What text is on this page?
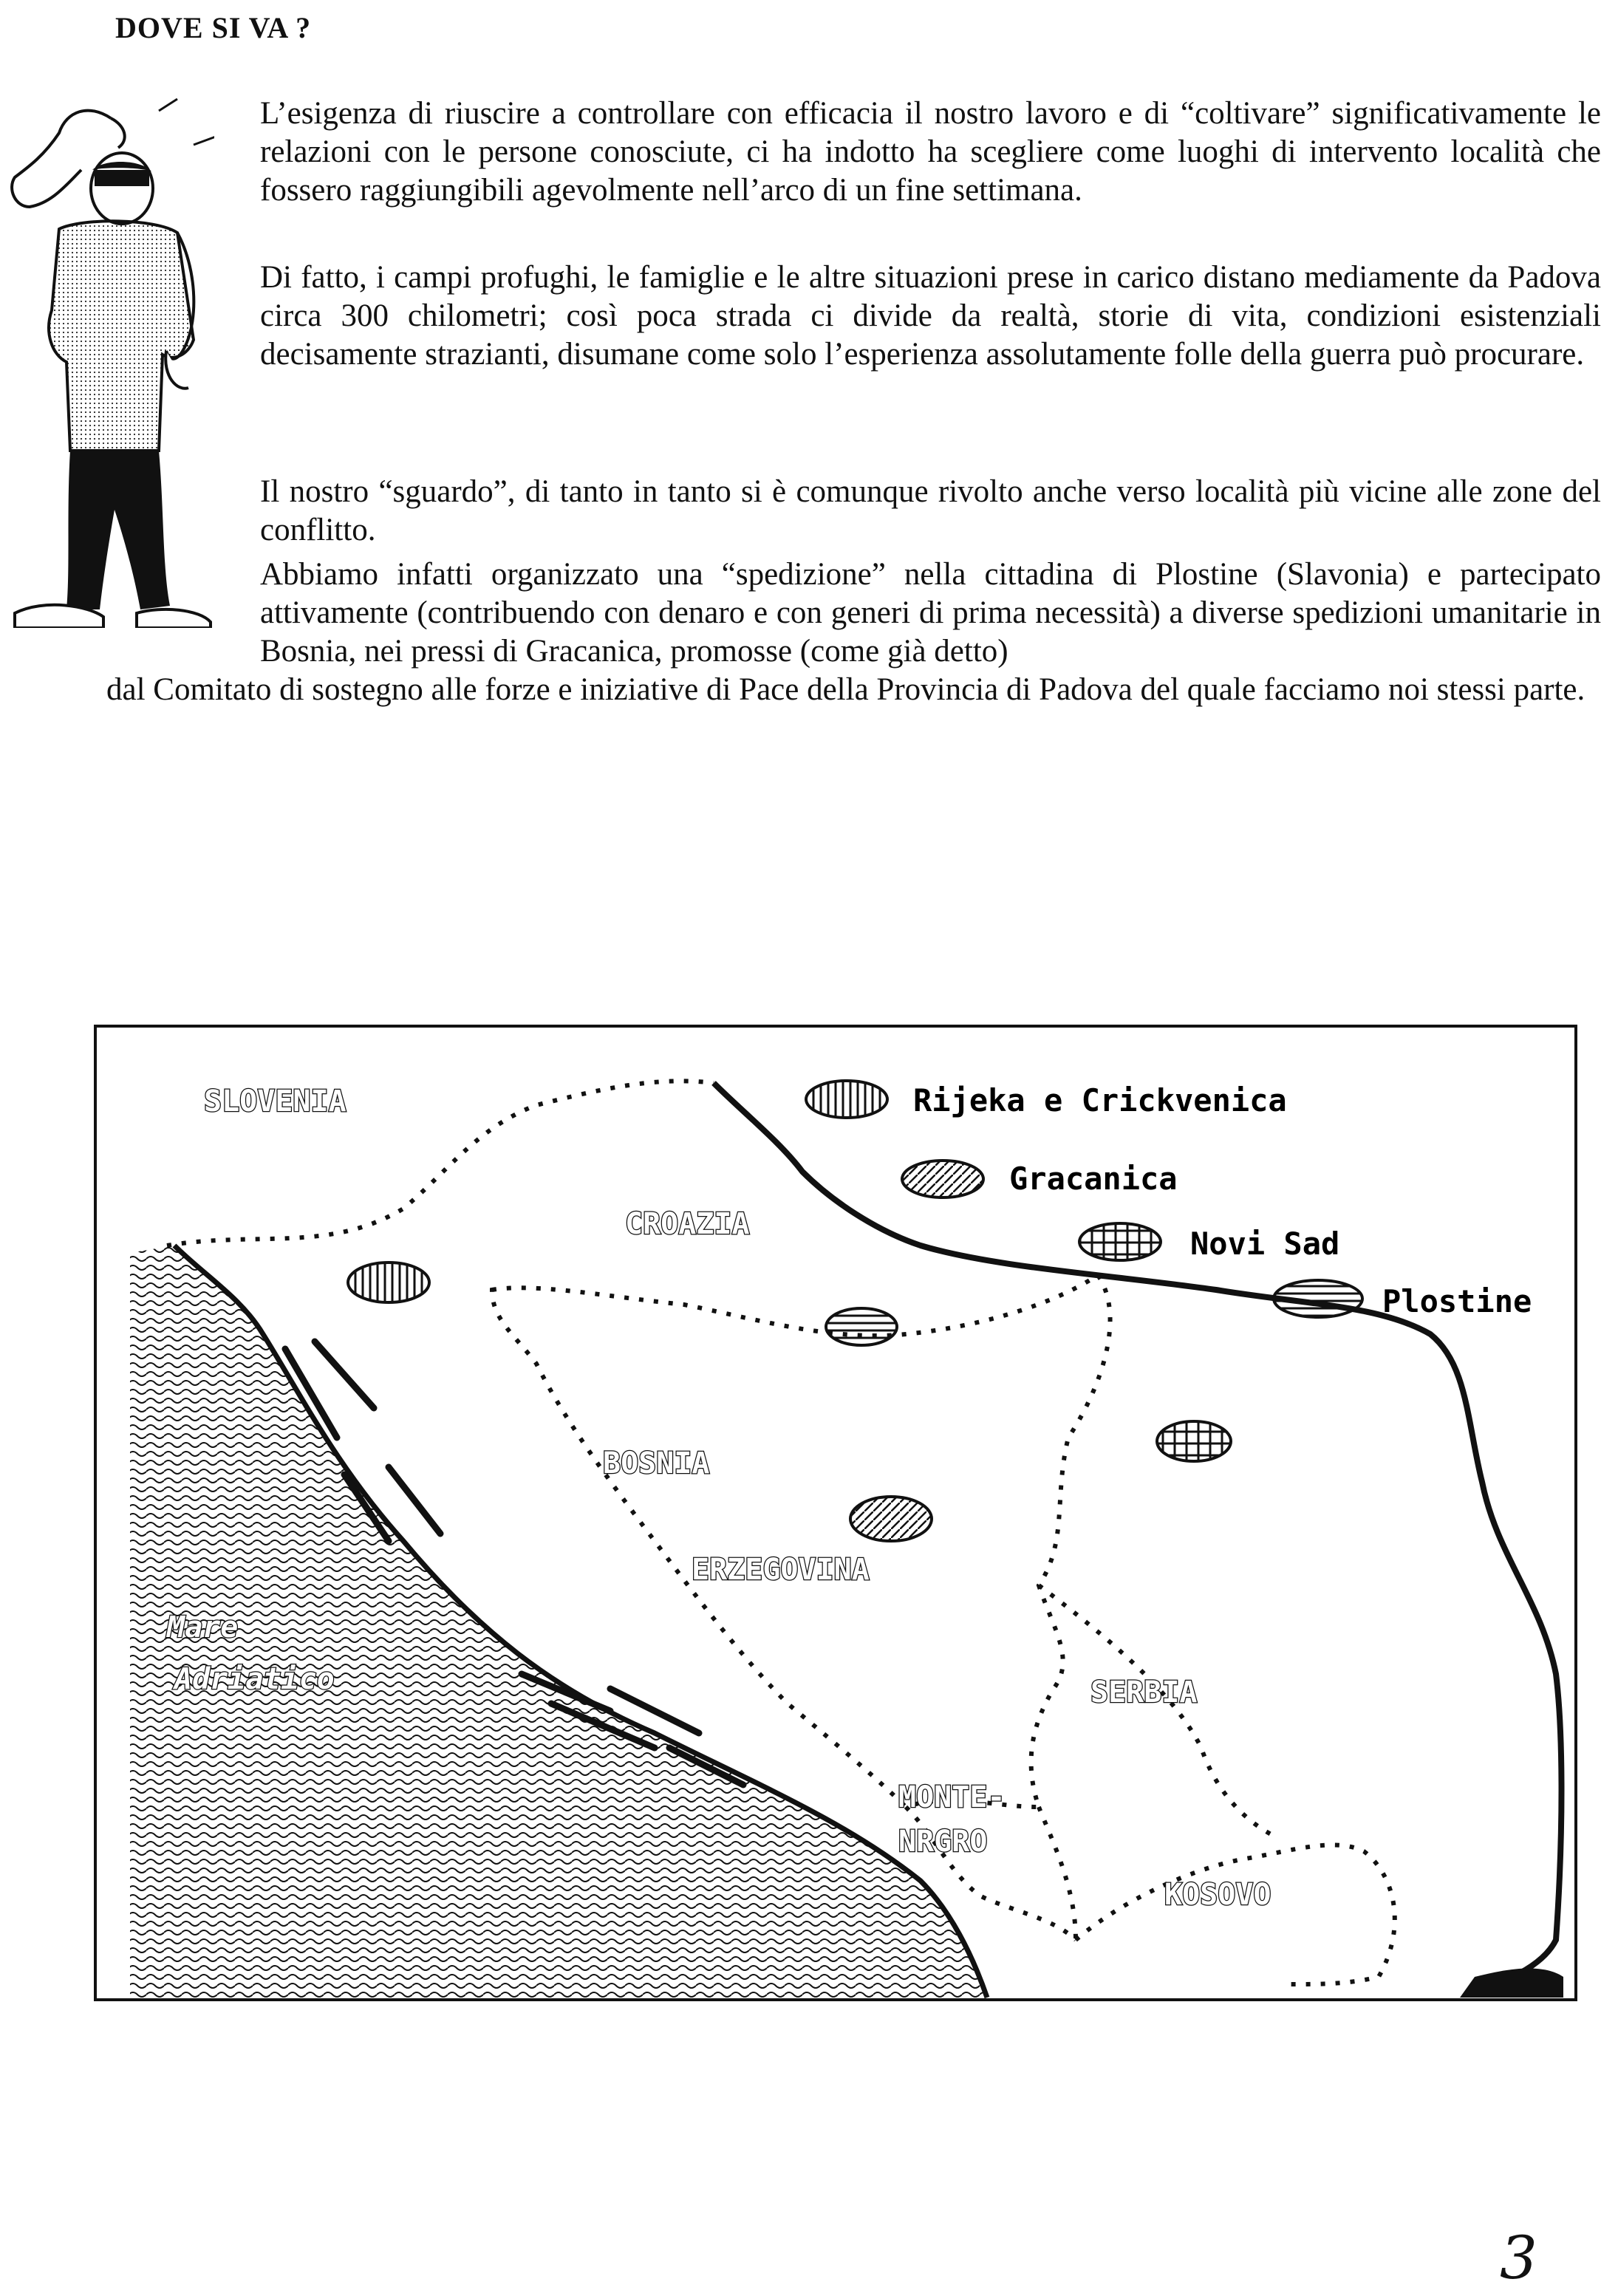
DOVE SI VA ?
L’esigenza di riuscire a controllare con efficacia il nostro lavoro e di “coltivare” significativamente le relazioni con le persone conosciute, ci ha indotto ha scegliere come luoghi di intervento località che fossero raggiungibili agevolmente nell’arco di un fine settimana.
Di fatto, i campi profughi, le famiglie e le altre situazioni prese in carico distano mediamente da Padova circa 300 chilometri; così poca strada ci divide da realtà, storie di vita, condizioni esistenziali decisamente strazianti, disumane come solo l’esperienza assolutamente folle della guerra può procurare.
Il nostro “sguardo”, di tanto in tanto si è comunque rivolto anche verso località più vicine alle zone del conflitto.

Abbiamo infatti organizzato una “spedizione” nella cittadina di Plostine (Slavonia) e partecipato attivamente (contribuendo con denaro e con generi di prima necessità) a diverse spedizioni umanitarie in Bosnia, nei pressi di Gracanica, promosse (come già detto)

dal Comitato di sostegno alle forze e iniziative di Pace della Provincia di Padova del quale facciamo noi stessi parte.

Rijeka e Crickvenica
Gracanica
Novi Sad
Plostine
SLOVENIA
CROAZIA
BOSNIA
ERZEGOVINA
SERBIA
MONTE-
NRGRO
KOSOVO
Mare
Adriatico
3
